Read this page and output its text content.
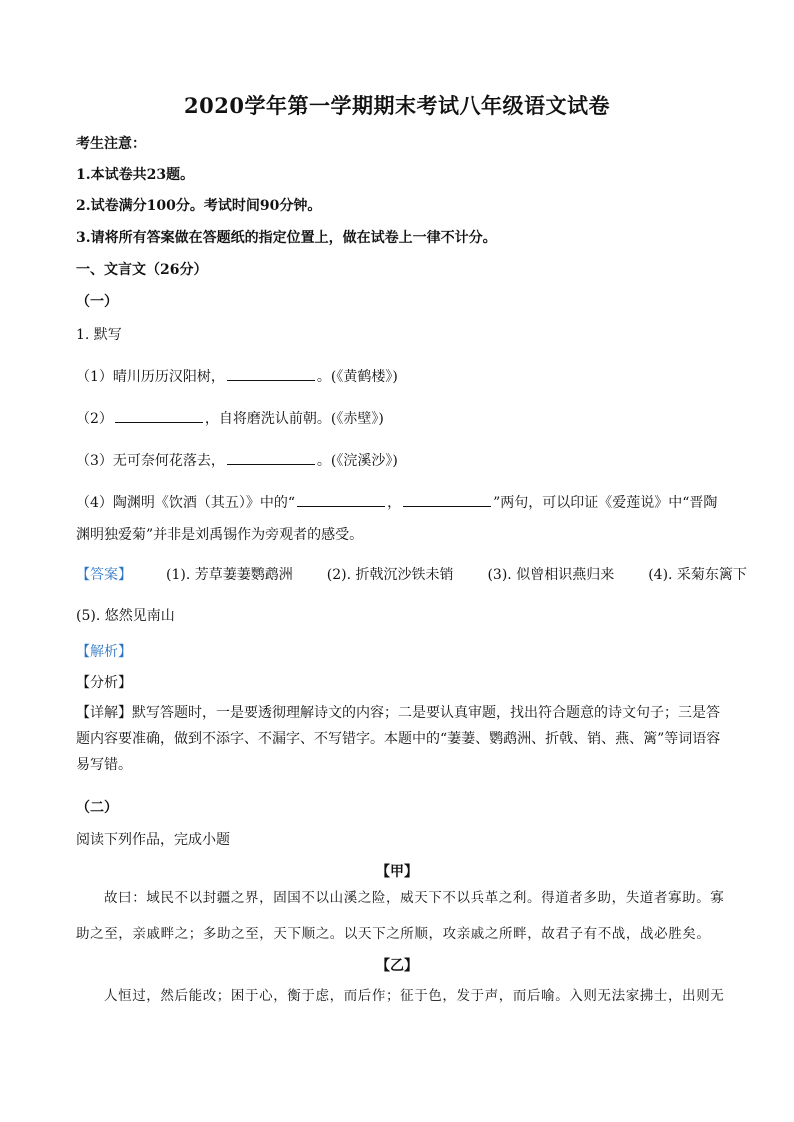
2020学年第一学期期末考试八年级语文试卷
考生注意：
1.本试卷共23题。
2.试卷满分100分。考试时间90分钟。
3.请将所有答案做在答题纸的指定位置上，做在试卷上一律不计分。
一、文言文（26分）
（一）
1. 默写
（1）晴川历历汉阳树，	。(《黄鹤楼》)
（2）	，自将磨洗认前朝。(《赤壁》)
（3）无可奈何花落去，	。(《浣溪沙》)
（4）陶渊明《饮酒（其五）》中的“	，	”两句，可以印证《爱莲说》中“晋陶
渊明独爱菊”并非是刘禹锡作为旁观者的感受。
【答案】 (1). 芳草萋萋鹦鹉洲 (2). 折戟沉沙铁未销 (3). 似曾相识燕归来 (4). 采菊东篱下
(5). 悠然见南山
【解析】
【分析】
【详解】默写答题时，一是要透彻理解诗文的内容；二是要认真审题，找出符合题意的诗文句子；三是答题内容要准确，做到不添字、不漏字、不写错字。本题中的“萋萋、鹦鹉洲、折戟、销、燕、篱”等词语容易写错。
（二）
阅读下列作品，完成小题
【甲】
故曰：域民不以封疆之界，固国不以山溪之险，威天下不以兵革之利。得道者多助，失道者寡助。寡助之至，亲戚畔之；多助之至，天下顺之。以天下之所顺，攻亲戚之所畔，故君子有不战，战必胜矣。
【乙】
人恒过，然后能改；困于心，衡于虑，而后作；征于色，发于声，而后喻。入则无法家拂士，出则无
